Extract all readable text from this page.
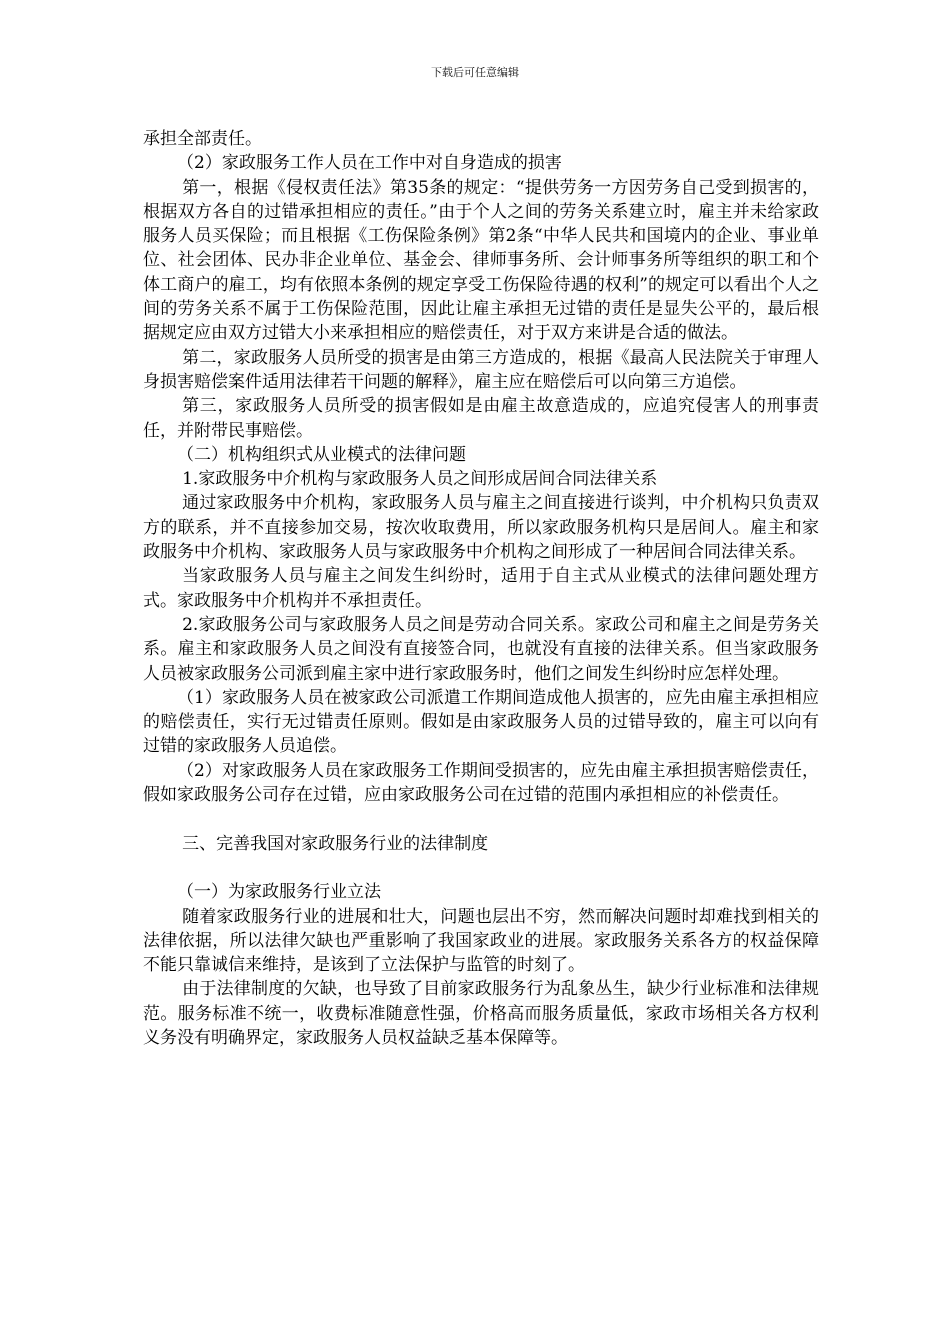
下载后可任意编辑

承担全部责任。

（2）家政服务工作人员在工作中对自身造成的损害

第一，根据《侵权责任法》第35条的规定：“提供劳务一方因劳务自己受到损害的，根据双方各自的过错承担相应的责任。”由于个人之间的劳务关系建立时，雇主并未给家政服务人员买保险；而且根据《工伤保险条例》第2条“中华人民共和国境内的企业、事业单位、社会团体、民办非企业单位、基金会、律师事务所、会计师事务所等组织的职工和个体工商户的雇工，均有依照本条例的规定享受工伤保险待遇的权利”的规定可以看出个人之间的劳务关系不属于工伤保险范围，因此让雇主承担无过错的责任是显失公平的，最后根据规定应由双方过错大小来承担相应的赔偿责任，对于双方来讲是合适的做法。

第二，家政服务人员所受的损害是由第三方造成的，根据《最高人民法院关于审理人身损害赔偿案件适用法律若干问题的解释》，雇主应在赔偿后可以向第三方追偿。

第三，家政服务人员所受的损害假如是由雇主故意造成的，应追究侵害人的刑事责任，并附带民事赔偿。

（二）机构组织式从业模式的法律问题

1.家政服务中介机构与家政服务人员之间形成居间合同法律关系

通过家政服务中介机构，家政服务人员与雇主之间直接进行谈判，中介机构只负责双方的联系，并不直接参加交易，按次收取费用，所以家政服务机构只是居间人。雇主和家政服务中介机构、家政服务人员与家政服务中介机构之间形成了一种居间合同法律关系。

当家政服务人员与雇主之间发生纠纷时，适用于自主式从业模式的法律问题处理方式。家政服务中介机构并不承担责任。

2.家政服务公司与家政服务人员之间是劳动合同关系。家政公司和雇主之间是劳务关系。雇主和家政服务人员之间没有直接签合同，也就没有直接的法律关系。但当家政服务人员被家政服务公司派到雇主家中进行家政服务时，他们之间发生纠纷时应怎样处理。

（1）家政服务人员在被家政公司派遣工作期间造成他人损害的，应先由雇主承担相应的赔偿责任，实行无过错责任原则。假如是由家政服务人员的过错导致的，雇主可以向有过错的家政服务人员追偿。

（2）对家政服务人员在家政服务工作期间受损害的，应先由雇主承担损害赔偿责任，假如家政服务公司存在过错，应由家政服务公司在过错的范围内承担相应的补偿责任。

三、完善我国对家政服务行业的法律制度

（一）为家政服务行业立法

随着家政服务行业的进展和壮大，问题也层出不穷，然而解决问题时却难找到相关的法律依据，所以法律欠缺也严重影响了我国家政业的进展。家政服务关系各方的权益保障不能只靠诚信来维持，是该到了立法保护与监管的时刻了。

由于法律制度的欠缺，也导致了目前家政服务行为乱象丛生，缺少行业标准和法律规范。服务标准不统一，收费标准随意性强，价格高而服务质量低，家政市场相关各方权利义务没有明确界定，家政服务人员权益缺乏基本保障等。
